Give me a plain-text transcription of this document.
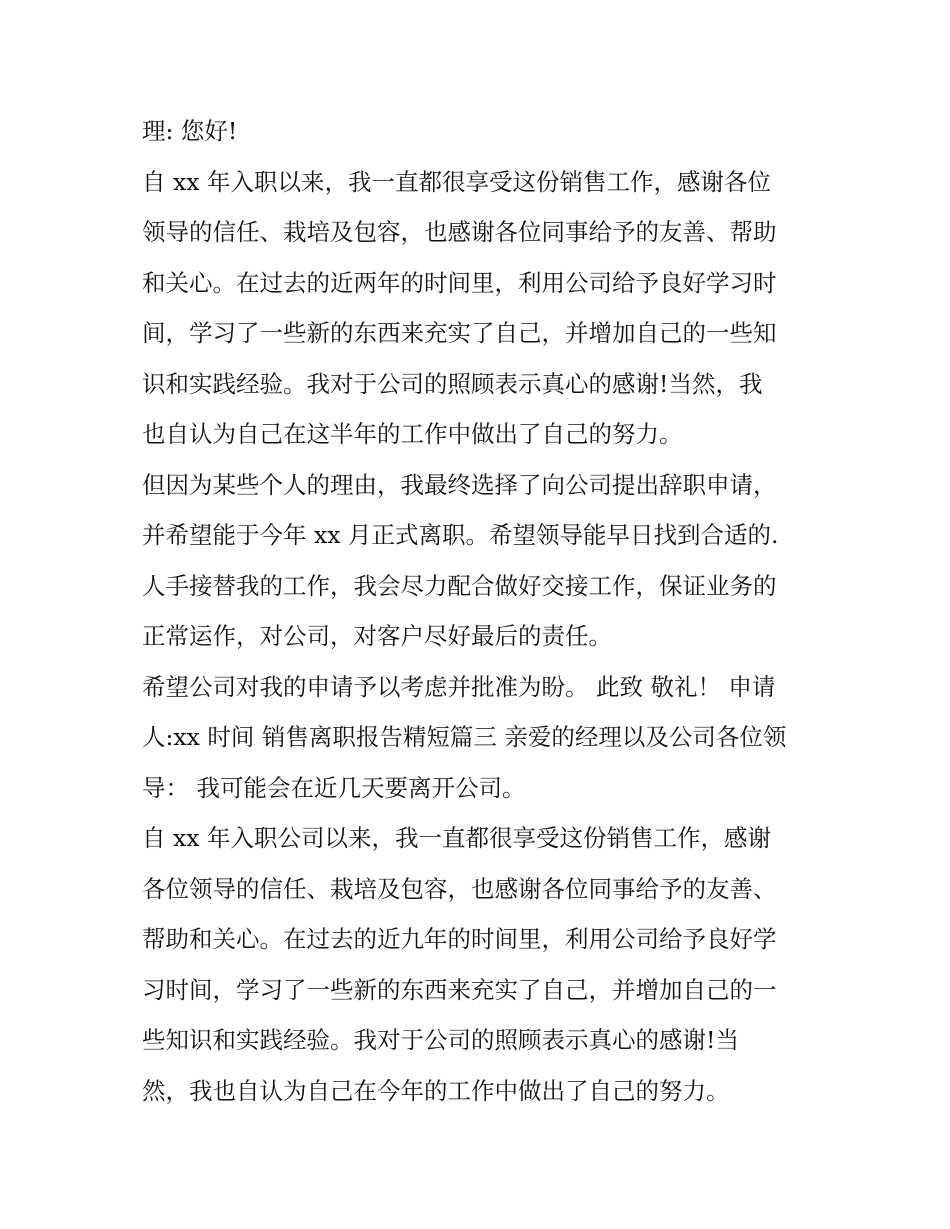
理: 您好!
自 xx 年入职以来，我一直都很享受这份销售工作，感谢各位
领导的信任、栽培及包容，也感谢各位同事给予的友善、帮助
和关心。在过去的近两年的时间里，利用公司给予良好学习时
间，学习了一些新的东西来充实了自己，并增加自己的一些知
识和实践经验。我对于公司的照顾表示真心的感谢!当然，我
也自认为自己在这半年的工作中做出了自己的努力。
但因为某些个人的理由，我最终选择了向公司提出辞职申请，
并希望能于今年 xx 月正式离职。希望领导能早日找到合适的.
人手接替我的工作，我会尽力配合做好交接工作，保证业务的
正常运作，对公司，对客户尽好最后的责任。
希望公司对我的申请予以考虑并批准为盼。 此致 敬礼！ 申请
人:xx 时间 销售离职报告精短篇三 亲爱的经理以及公司各位领
导： 我可能会在近几天要离开公司。
自 xx 年入职公司以来，我一直都很享受这份销售工作，感谢
各位领导的信任、栽培及包容，也感谢各位同事给予的友善、
帮助和关心。在过去的近九年的时间里，利用公司给予良好学
习时间，学习了一些新的东西来充实了自己，并增加自己的一
些知识和实践经验。我对于公司的照顾表示真心的感谢!当
然，我也自认为自己在今年的工作中做出了自己的努力。
